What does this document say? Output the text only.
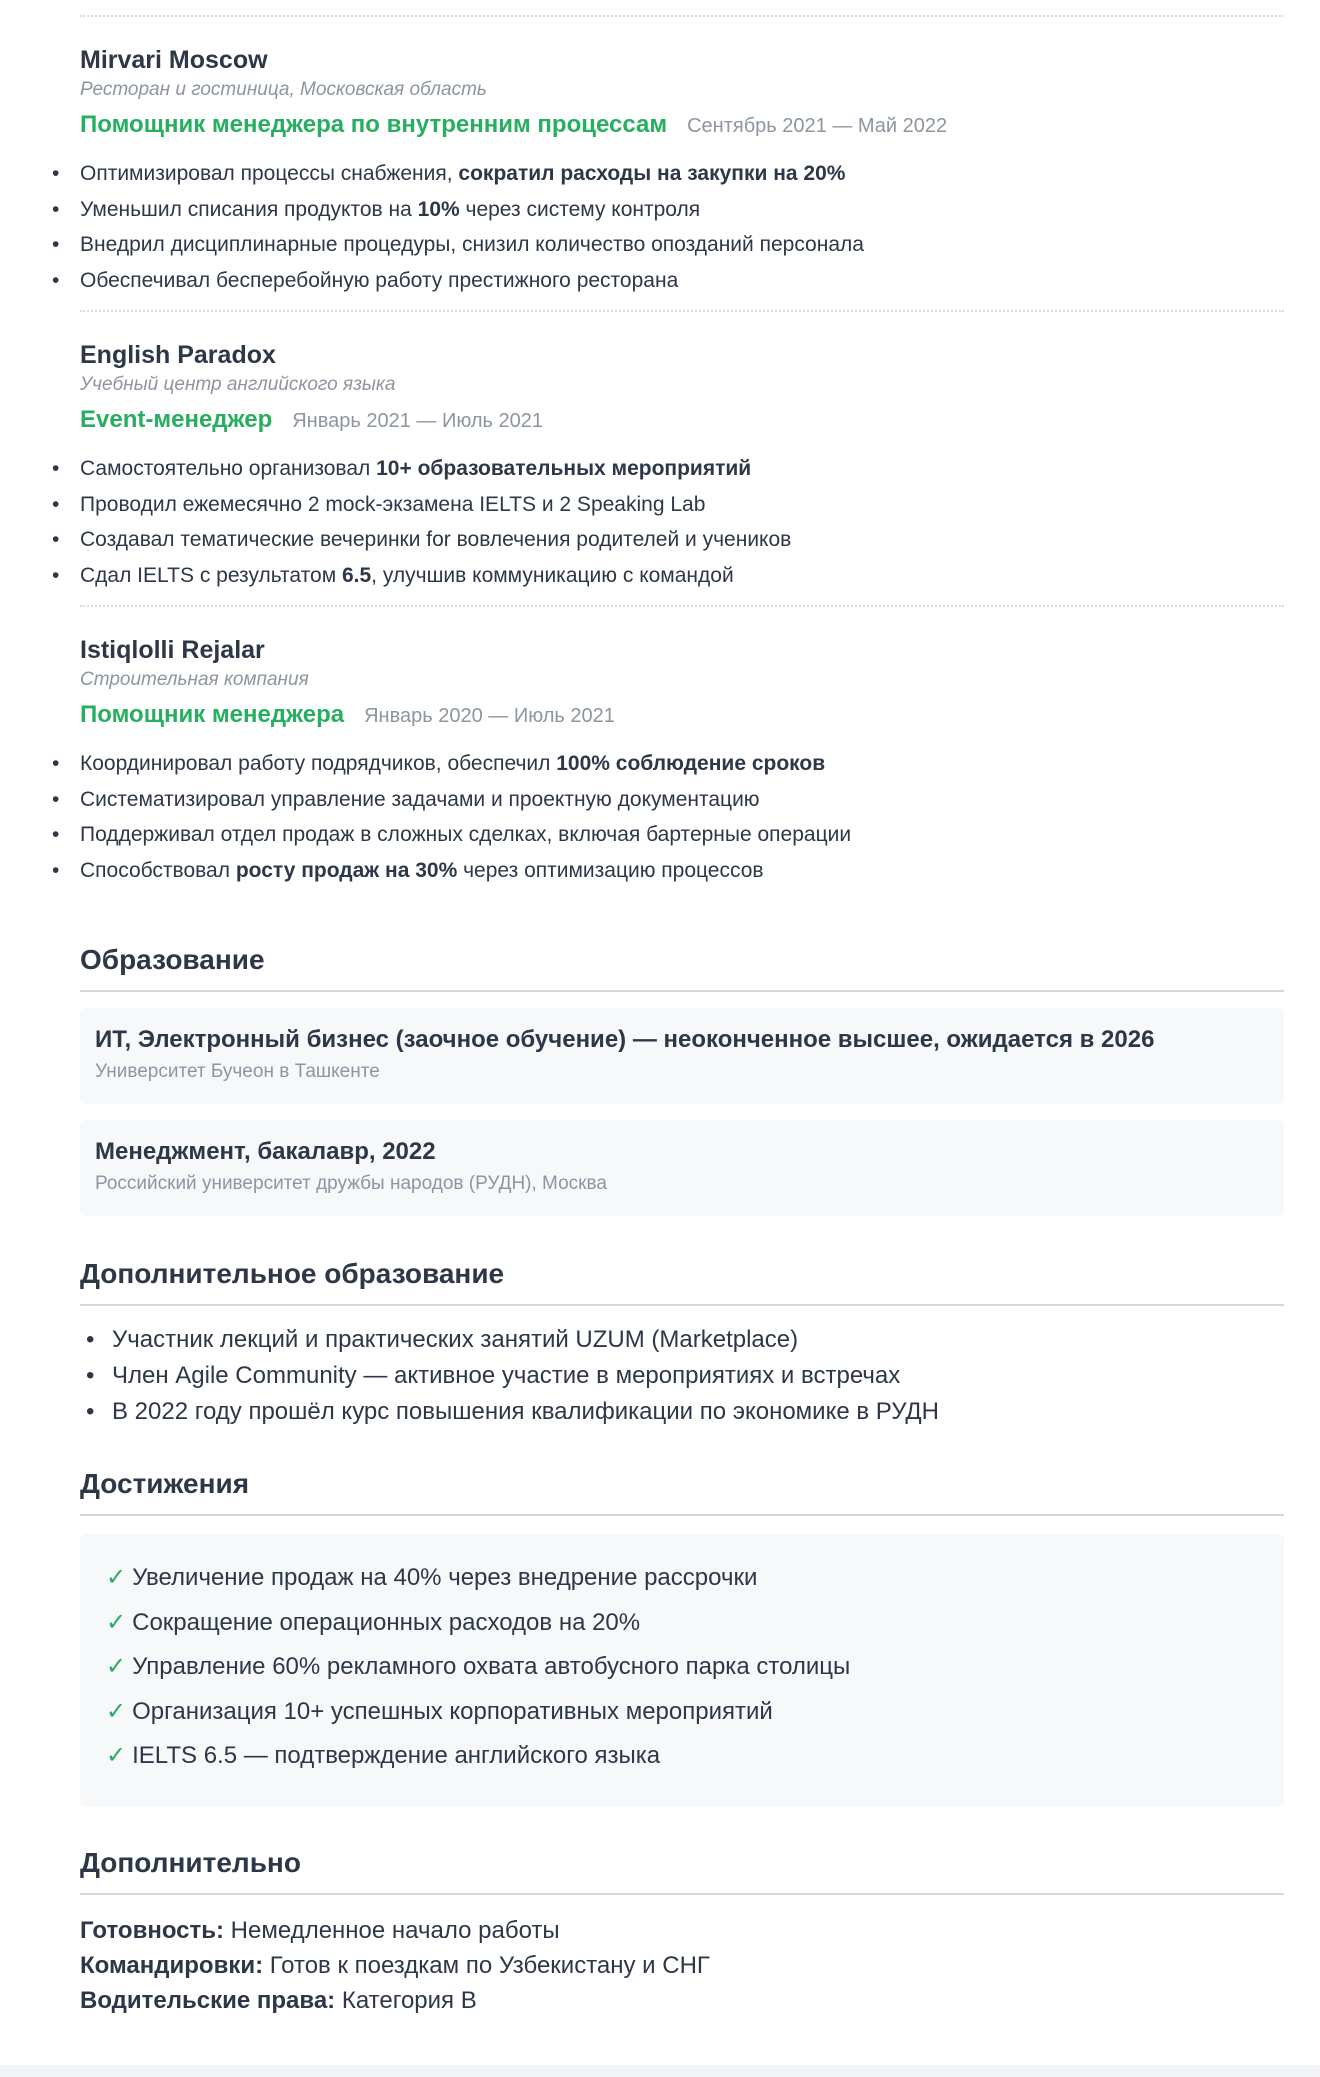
Mirvari Moscow
Ресторан и гостиница, Московская область
Помощник менеджера по внутренним процессам Сентябрь 2021 — Май 2022
• Оптимизировал процессы снабжения, сократил расходы на закупки на 20%
• Уменьшил списания продуктов на 10% через систему контроля
• Внедрил дисциплинарные процедуры, снизил количество опозданий персонала
• Обеспечивал бесперебойную работу престижного ресторана
English Paradox
Учебный центр английского языка
Event-менеджер Январь 2021 — Июль 2021
• Самостоятельно организовал 10+ образовательных мероприятий
• Проводил ежемесячно 2 mock-экзамена IELTS и 2 Speaking Lab
• Создавал тематические вечеринки for вовлечения родителей и учеников
• Сдал IELTS с результатом 6.5, улучшив коммуникацию с командой
Istiqlolli Rejalar
Строительная компания
Помощник менеджера Январь 2020 — Июль 2021
• Координировал работу подрядчиков, обеспечил 100% соблюдение сроков
• Систематизировал управление задачами и проектную документацию
• Поддерживал отдел продаж в сложных сделках, включая бартерные операции
• Способствовал росту продаж на 30% через оптимизацию процессов
Образование
ИТ, Электронный бизнес (заочное обучение) — неоконченное высшее, ожидается в 2026
Университет Бучеон в Ташкенте
Менеджмент, бакалавр, 2022
Российский университет дружбы народов (РУДН), Москва
Дополнительное образование
• Участник лекций и практических занятий UZUM (Marketplace)
• Член Agile Community — активное участие в мероприятиях и встречах
• В 2022 году прошёл курс повышения квалификации по экономике в РУДН
Достижения
✓ Увеличение продаж на 40% через внедрение рассрочки
✓ Сокращение операционных расходов на 20%
✓ Управление 60% рекламного охвата автобусного парка столицы
✓ Организация 10+ успешных корпоративных мероприятий
✓ IELTS 6.5 — подтверждение английского языка
Дополнительно
Готовность: Немедленное начало работы
Командировки: Готов к поездкам по Узбекистану и СНГ
Водительские права: Категория B
